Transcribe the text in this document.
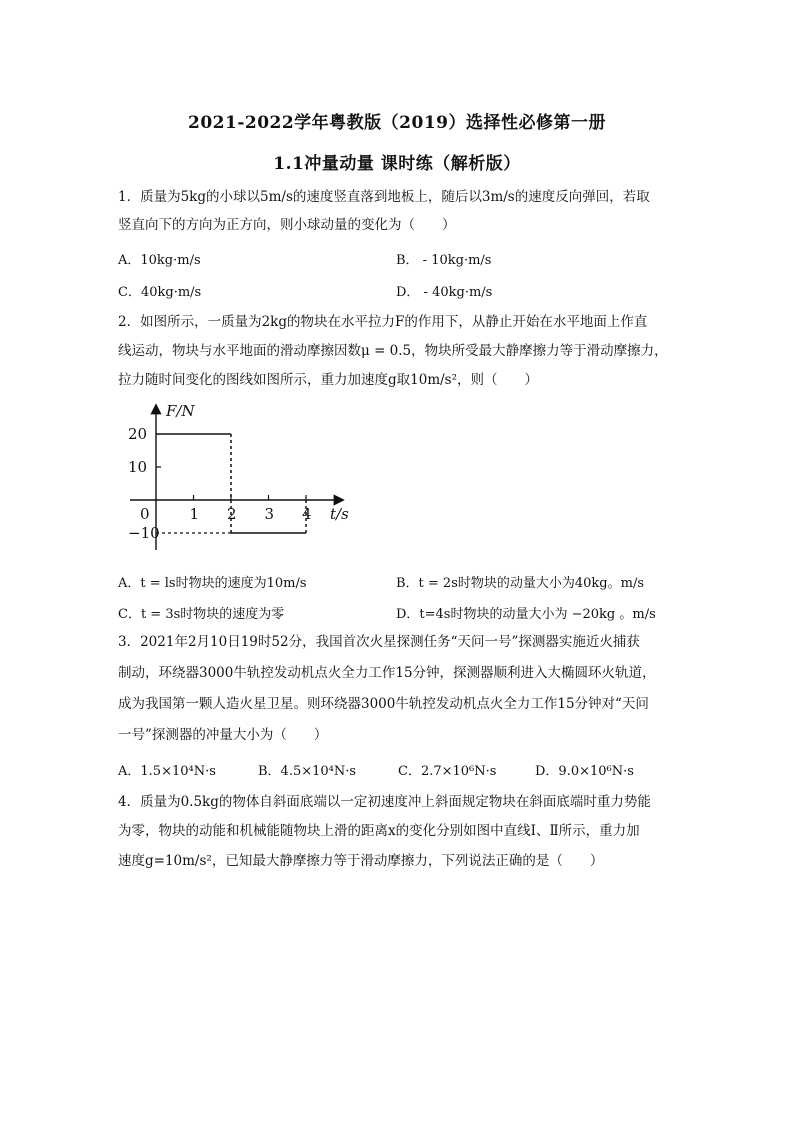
2021-2022学年粤教版（2019）选择性必修第一册
1.1冲量动量 课时练（解析版）
1．质量为5kg的小球以5m/s的速度竖直落到地板上，随后以3m/s的速度反向弹回，若取
竖直向下的方向为正方向，则小球动量的变化为（　　）
A．10kg·m/s	B． - 10kg·m/s
C．40kg·m/s	D． - 40kg·m/s
2．如图所示，一质量为2kg的物块在水平拉力F的作用下，从静止开始在水平地面上作直
线运动，物块与水平地面的滑动摩擦因数μ = 0.5，物块所受最大静摩擦力等于滑动摩擦力，
拉力随时间变化的图线如图所示，重力加速度g取10m/s²，则（　　）
F/N
t/s
0	1 2 3 4
20
10
−10
A．t = ls时物块的速度为10m/s	B．t = 2s时物块的动量大小为40kg。m/s
C．t = 3s时物块的速度为零	D．t=4s时物块的动量大小为 −20kg 。m/s
3．2021年2月10日19时52分，我国首次火星探测任务“天问一号”探测器实施近火捕获
制动，环绕器3000牛轨控发动机点火全力工作15分钟，探测器顺利进入大椭圆环火轨道，
成为我国第一颗人造火星卫星。则环绕器3000牛轨控发动机点火全力工作15分钟对“天问
一号”探测器的冲量大小为（　　）
A．1.5×10⁴N·s	B．4.5×10⁴N·s	C．2.7×10⁶N·s	D．9.0×10⁶N·s
4．质量为0.5kg的物体自斜面底端以一定初速度冲上斜面规定物块在斜面底端时重力势能
为零，物块的动能和机械能随物块上滑的距离x的变化分别如图中直线Ⅰ、Ⅱ所示，重力加
速度g=10m/s²，已知最大静摩擦力等于滑动摩擦力，下列说法正确的是（　　）
